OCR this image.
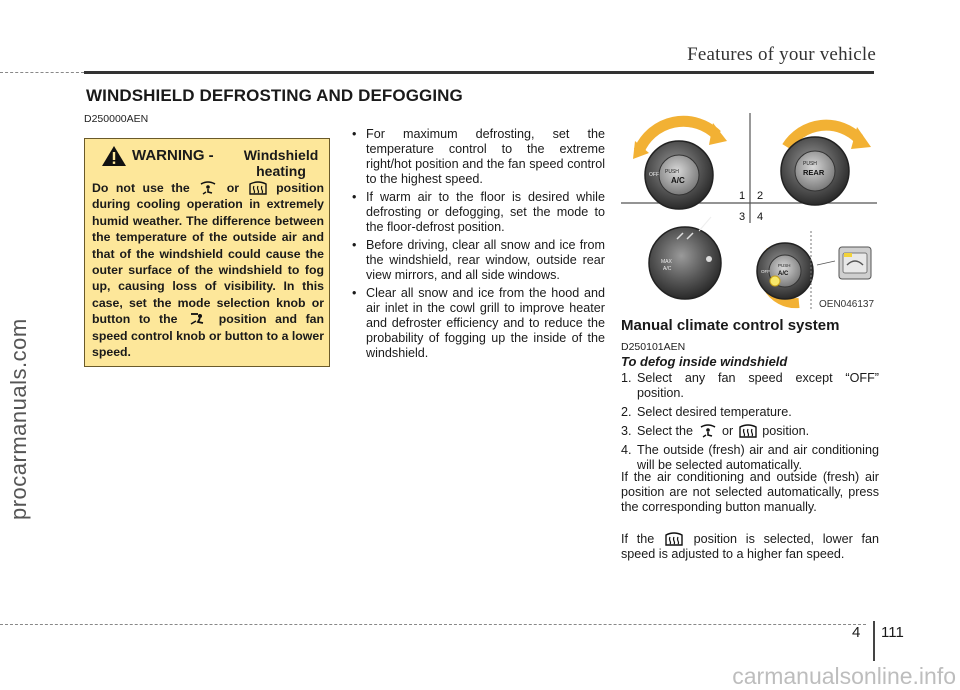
Features of your vehicle
procarmanuals.com
WINDSHIELD DEFROSTING AND DEFOGGING
D250000AEN
WARNING -	Windshield heating
Do not use the	or	position during cooling operation in extremely humid weather. The difference between the temperature of the outside air and that of the windshield could cause the outer surface of the windshield to fog up, causing loss of visibility. In this case, set the mode selection knob or button to the	position and fan speed control knob or button to a lower speed.
• For maximum defrosting, set the temperature control to the extreme right/hot position and the fan speed control to the highest speed.
• If warm air to the floor is desired while defrosting or defogging, set the mode to the floor-defrost position.
• Before driving, clear all snow and ice from the windshield, rear window, outside rear view mirrors, and all side windows.
• Clear all snow and ice from the hood and air inlet in the cowl grill to improve heater and defroster efficiency and to reduce the probability of fogging up the inside of the windshield.
PUSH
A/C
OFF
PUSH
REAR
1 2
3 4
MAX
A/C
PUSH
A/C
OFF
OEN046137
Manual climate control system
D250101AEN
To defog inside windshield
1. Select any fan speed except “OFF” position.
2. Select desired temperature.
3. Select the or position.
4. The outside (fresh) air and air conditioning will be selected automatically.
If the air conditioning and outside (fresh) air position are not selected automatically, press the corresponding button manually.
If the	position is selected, lower fan speed is adjusted to a higher fan speed.
4 111
carmanualsonline.info
